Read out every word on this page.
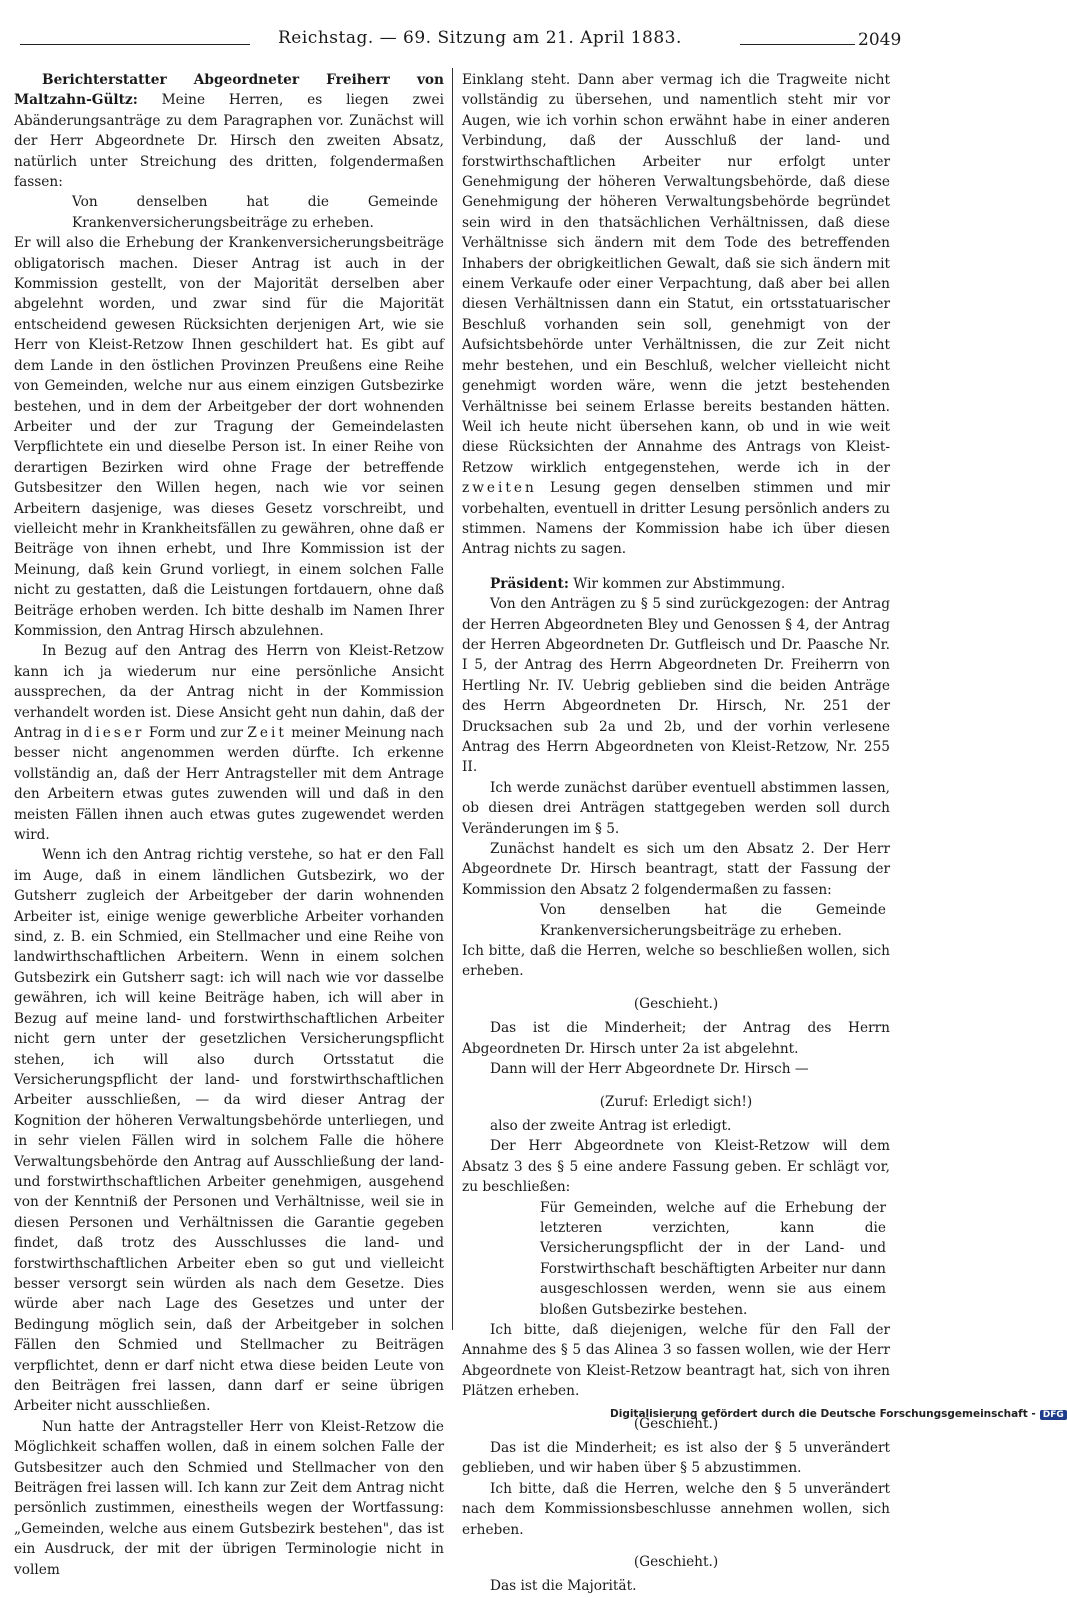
Reichstag. — 69. Sitzung am 21. April 1883.	2049

Berichterstatter Abgeordneter Freiherr von Maltzahn-Gültz: Meine Herren, es liegen zwei Abänderungsanträge zu dem Paragraphen vor. Zunächst will der Herr Abgeordnete Dr. Hirsch den zweiten Absatz, natürlich unter Streichung des dritten, folgendermaßen fassen:

Von denselben hat die Gemeinde Krankenversicherungsbeiträge zu erheben.

Er will also die Erhebung der Krankenversicherungsbeiträge obligatorisch machen. Dieser Antrag ist auch in der Kommission gestellt, von der Majorität derselben aber abgelehnt worden, und zwar sind für die Majorität entscheidend gewesen Rücksichten derjenigen Art, wie sie Herr von Kleist-Retzow Ihnen geschildert hat. Es gibt auf dem Lande in den östlichen Provinzen Preußens eine Reihe von Gemeinden, welche nur aus einem einzigen Gutsbezirke bestehen, und in dem der Arbeitgeber der dort wohnenden Arbeiter und der zur Tragung der Gemeindelasten Verpflichtete ein und dieselbe Person ist. In einer Reihe von derartigen Bezirken wird ohne Frage der betreffende Gutsbesitzer den Willen hegen, nach wie vor seinen Arbeitern dasjenige, was dieses Gesetz vorschreibt, und vielleicht mehr in Krankheitsfällen zu gewähren, ohne daß er Beiträge von ihnen erhebt, und Ihre Kommission ist der Meinung, daß kein Grund vorliegt, in einem solchen Falle nicht zu gestatten, daß die Leistungen fortdauern, ohne daß Beiträge erhoben werden. Ich bitte deshalb im Namen Ihrer Kommission, den Antrag Hirsch abzulehnen.

In Bezug auf den Antrag des Herrn von Kleist-Retzow kann ich ja wiederum nur eine persönliche Ansicht aussprechen, da der Antrag nicht in der Kommission verhandelt worden ist. Diese Ansicht geht nun dahin, daß der Antrag in dieser Form und zur Zeit meiner Meinung nach besser nicht angenommen werden dürfte. Ich erkenne vollständig an, daß der Herr Antragsteller mit dem Antrage den Arbeitern etwas gutes zuwenden will und daß in den meisten Fällen ihnen auch etwas gutes zugewendet werden wird.

Wenn ich den Antrag richtig verstehe, so hat er den Fall im Auge, daß in einem ländlichen Gutsbezirk, wo der Gutsherr zugleich der Arbeitgeber der darin wohnenden Arbeiter ist, einige wenige gewerbliche Arbeiter vorhanden sind, z. B. ein Schmied, ein Stellmacher und eine Reihe von landwirthschaftlichen Arbeitern. Wenn in einem solchen Gutsbezirk ein Gutsherr sagt: ich will nach wie vor dasselbe gewähren, ich will keine Beiträge haben, ich will aber in Bezug auf meine land- und forstwirthschaftlichen Arbeiter nicht gern unter der gesetzlichen Versicherungspflicht stehen, ich will also durch Ortsstatut die Versicherungspflicht der land- und forstwirthschaftlichen Arbeiter ausschließen, — da wird dieser Antrag der Kognition der höheren Verwaltungsbehörde unterliegen, und in sehr vielen Fällen wird in solchem Falle die höhere Verwaltungsbehörde den Antrag auf Ausschließung der land- und forstwirthschaftlichen Arbeiter genehmigen, ausgehend von der Kenntniß der Personen und Verhältnisse, weil sie in diesen Personen und Verhältnissen die Garantie gegeben findet, daß trotz des Ausschlusses die land- und forstwirthschaftlichen Arbeiter eben so gut und vielleicht besser versorgt sein würden als nach dem Gesetze. Dies würde aber nach Lage des Gesetzes und unter der Bedingung möglich sein, daß der Arbeitgeber in solchen Fällen den Schmied und Stellmacher zu Beiträgen verpflichtet, denn er darf nicht etwa diese beiden Leute von den Beiträgen frei lassen, dann darf er seine übrigen Arbeiter nicht ausschließen.

Nun hatte der Antragsteller Herr von Kleist-Retzow die Möglichkeit schaffen wollen, daß in einem solchen Falle der Gutsbesitzer auch den Schmied und Stellmacher von den Beiträgen frei lassen will. Ich kann zur Zeit dem Antrag nicht persönlich zustimmen, einestheils wegen der Wortfassung: „Gemeinden, welche aus einem Gutsbezirk bestehen", das ist ein Ausdruck, der mit der übrigen Terminologie nicht in vollem

Einklang steht. Dann aber vermag ich die Tragweite nicht vollständig zu übersehen, und namentlich steht mir vor Augen, wie ich vorhin schon erwähnt habe in einer anderen Verbindung, daß der Ausschluß der land- und forstwirthschaftlichen Arbeiter nur erfolgt unter Genehmigung der höheren Verwaltungsbehörde, daß diese Genehmigung der höheren Verwaltungsbehörde begründet sein wird in den thatsächlichen Verhältnissen, daß diese Verhältnisse sich ändern mit dem Tode des betreffenden Inhabers der obrigkeitlichen Gewalt, daß sie sich ändern mit einem Verkaufe oder einer Verpachtung, daß aber bei allen diesen Verhältnissen dann ein Statut, ein ortsstatuarischer Beschluß vorhanden sein soll, genehmigt von der Aufsichtsbehörde unter Verhältnissen, die zur Zeit nicht mehr bestehen, und ein Beschluß, welcher vielleicht nicht genehmigt worden wäre, wenn die jetzt bestehenden Verhältnisse bei seinem Erlasse bereits bestanden hätten. Weil ich heute nicht übersehen kann, ob und in wie weit diese Rücksichten der Annahme des Antrags von Kleist-Retzow wirklich entgegenstehen, werde ich in der zweiten Lesung gegen denselben stimmen und mir vorbehalten, eventuell in dritter Lesung persönlich anders zu stimmen. Namens der Kommission habe ich über diesen Antrag nichts zu sagen.

Präsident: Wir kommen zur Abstimmung.

Von den Anträgen zu § 5 sind zurückgezogen: der Antrag der Herren Abgeordneten Bley und Genossen § 4, der Antrag der Herren Abgeordneten Dr. Gutfleisch und Dr. Paasche Nr. I 5, der Antrag des Herrn Abgeordneten Dr. Freiherrn von Hertling Nr. IV. Uebrig geblieben sind die beiden Anträge des Herrn Abgeordneten Dr. Hirsch, Nr. 251 der Drucksachen sub 2a und 2b, und der vorhin verlesene Antrag des Herrn Abgeordneten von Kleist-Retzow, Nr. 255 II.

Ich werde zunächst darüber eventuell abstimmen lassen, ob diesen drei Anträgen stattgegeben werden soll durch Veränderungen im § 5.

Zunächst handelt es sich um den Absatz 2. Der Herr Abgeordnete Dr. Hirsch beantragt, statt der Fassung der Kommission den Absatz 2 folgendermaßen zu fassen:

Von denselben hat die Gemeinde Krankenversicherungsbeiträge zu erheben.

Ich bitte, daß die Herren, welche so beschließen wollen, sich erheben.

(Geschieht.)

Das ist die Minderheit; der Antrag des Herrn Abgeordneten Dr. Hirsch unter 2a ist abgelehnt.

Dann will der Herr Abgeordnete Dr. Hirsch —

(Zuruf: Erledigt sich!)

also der zweite Antrag ist erledigt.

Der Herr Abgeordnete von Kleist-Retzow will dem Absatz 3 des § 5 eine andere Fassung geben. Er schlägt vor, zu beschließen:

Für Gemeinden, welche auf die Erhebung der letzteren verzichten, kann die Versicherungspflicht der in der Land- und Forstwirthschaft beschäftigten Arbeiter nur dann ausgeschlossen werden, wenn sie aus einem bloßen Gutsbezirke bestehen.

Ich bitte, daß diejenigen, welche für den Fall der Annahme des § 5 das Alinea 3 so fassen wollen, wie der Herr Abgeordnete von Kleist-Retzow beantragt hat, sich von ihren Plätzen erheben.

(Geschieht.)

Das ist die Minderheit; es ist also der § 5 unverändert geblieben, und wir haben über § 5 abzustimmen.

Ich bitte, daß die Herren, welche den § 5 unverändert nach dem Kommissionsbeschlusse annehmen wollen, sich erheben.

(Geschieht.)

Das ist die Majorität.

Digitalisierung gefördert durch die Deutsche Forschungsgemeinschaft - DFG
